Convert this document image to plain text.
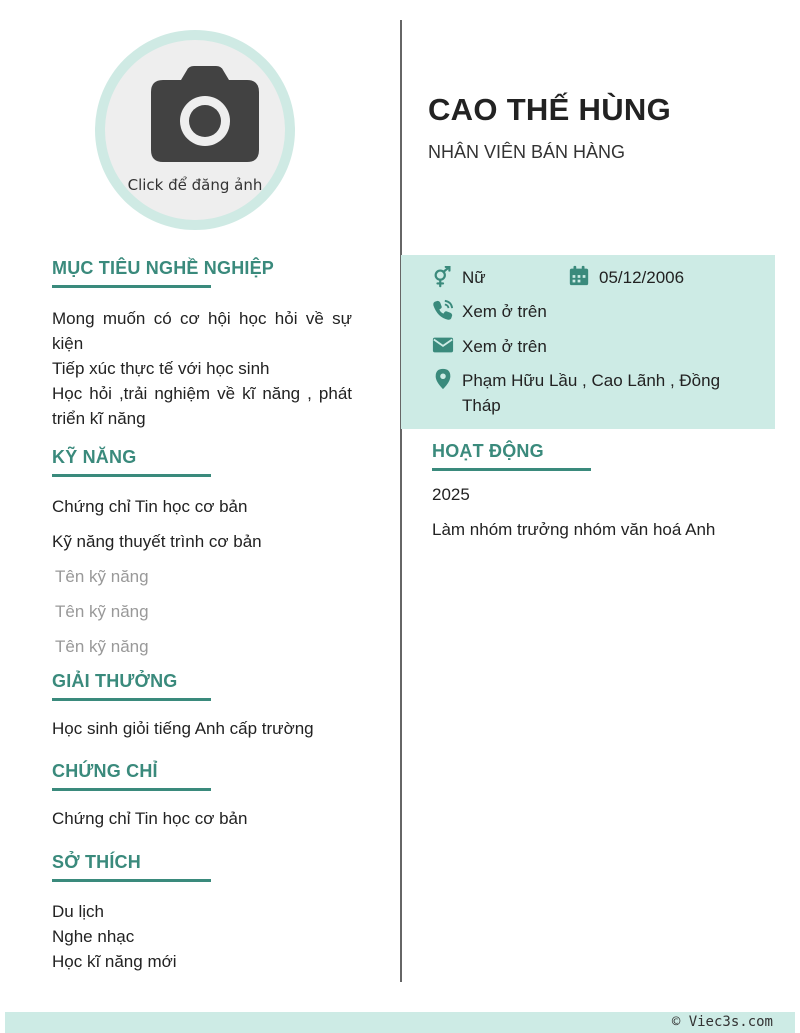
Click để đăng ảnh
MỤC TIÊU NGHỀ NGHIỆP
Mong muốn có cơ hội học hỏi về sự kiện
Tiếp xúc thực tế với học sinh
Học hỏi ,trải nghiệm về kĩ năng , phát triển kĩ năng
KỸ NĂNG
Chứng chỉ Tin học cơ bản
Kỹ năng thuyết trình cơ bản
Tên kỹ năng
Tên kỹ năng
Tên kỹ năng
GIẢI THƯỞNG
Học sinh giỏi tiếng Anh cấp trường
CHỨNG CHỈ
Chứng chỉ Tin học cơ bản
SỞ THÍCH
Du lịch
Nghe nhạc
Học kĩ năng mới
CAO THẾ HÙNG
NHÂN VIÊN BÁN HÀNG
Nữ	05/12/2006
Xem ở trên
Xem ở trên
Phạm Hữu Lầu , Cao Lãnh , Đồng
Tháp
HOẠT ĐỘNG
2025
Làm nhóm trưởng nhóm văn hoá Anh
© Viec3s.com
